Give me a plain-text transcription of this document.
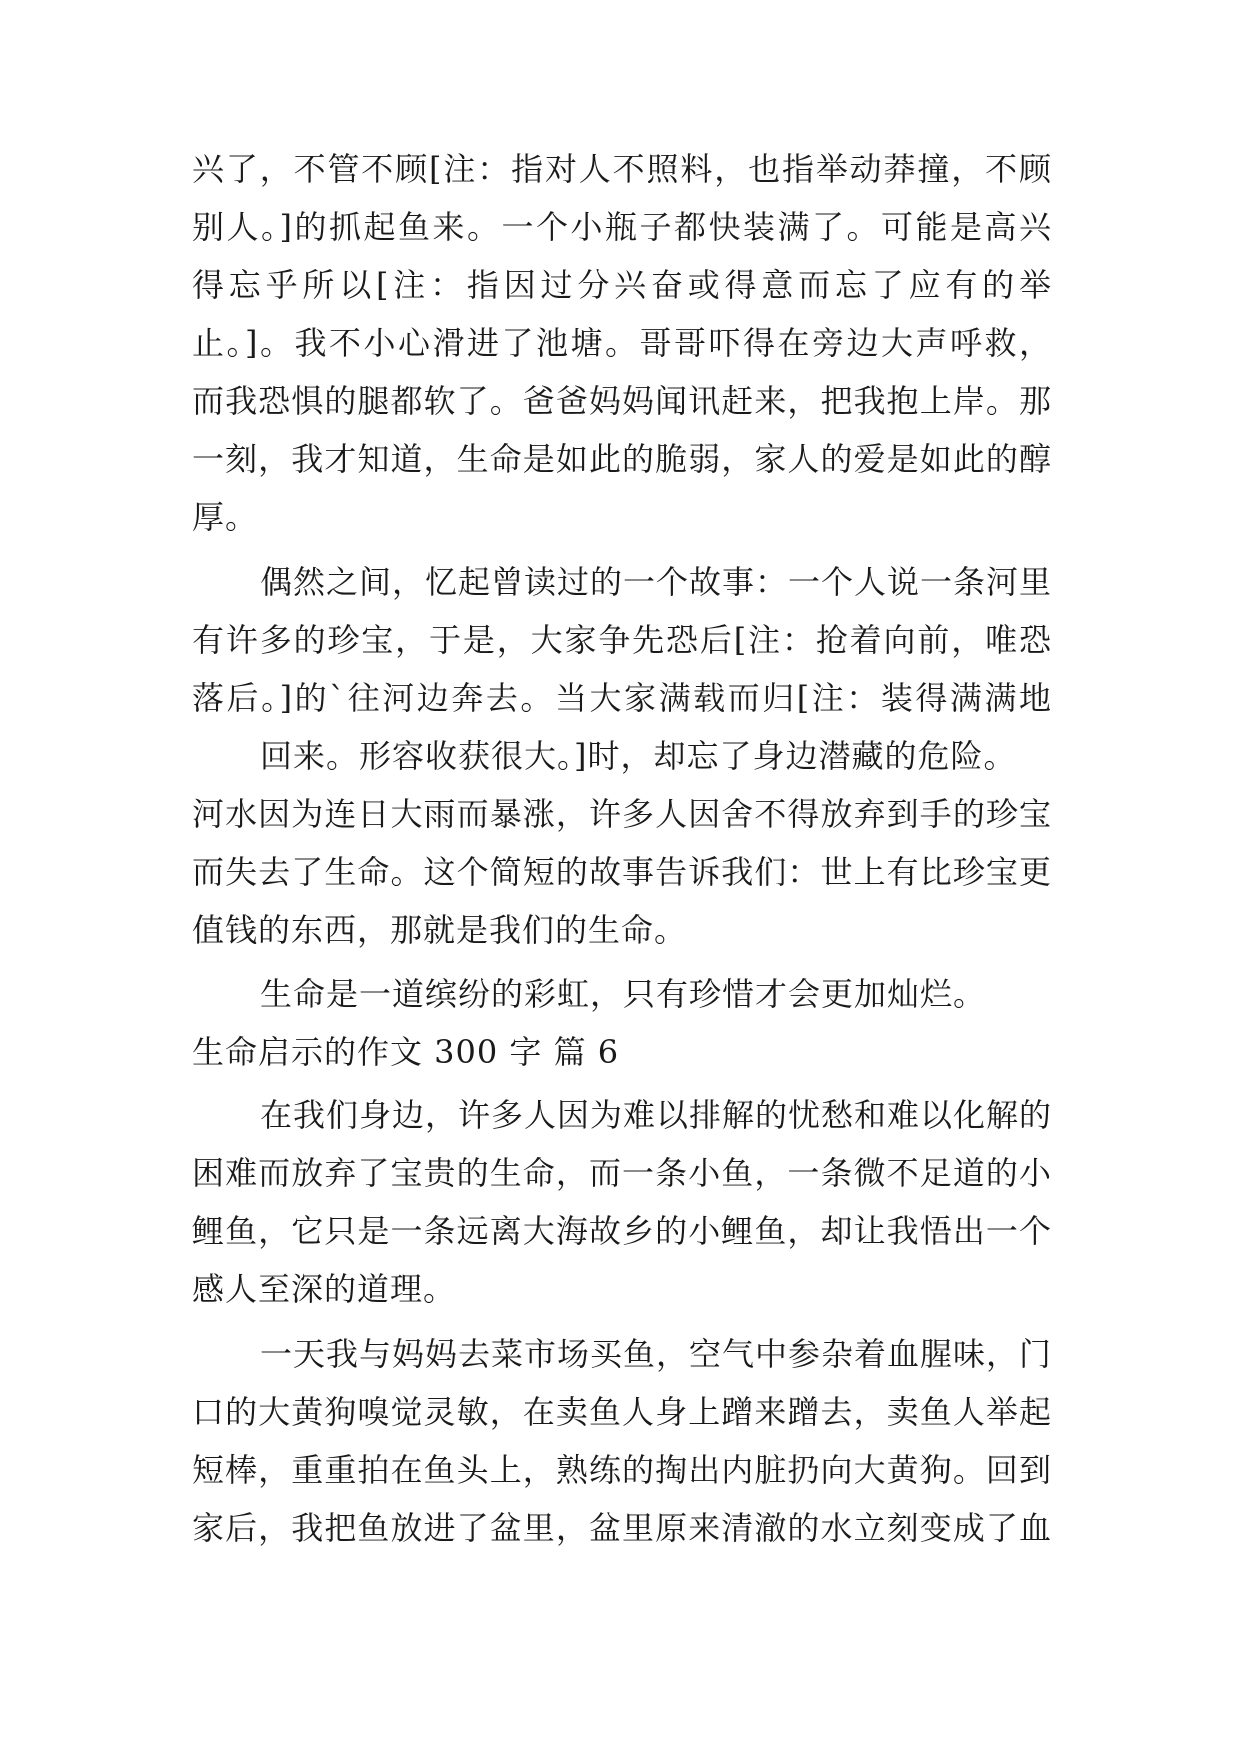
兴了，不管不顾[注：指对人不照料，也指举动莽撞，不顾
别人。]的抓起鱼来。一个小瓶子都快装满了。可能是高兴
得忘乎所以[注：指因过分兴奋或得意而忘了应有的举
止。]。我不小心滑进了池塘。哥哥吓得在旁边大声呼救，
而我恐惧的腿都软了。爸爸妈妈闻讯赶来，把我抱上岸。那
一刻，我才知道，生命是如此的脆弱，家人的爱是如此的醇
厚。
偶然之间，忆起曾读过的一个故事：一个人说一条河里
有许多的珍宝，于是，大家争先恐后[注：抢着向前，唯恐
落后。]的`往河边奔去。当大家满载而归[注：装得满满地
回来。形容收获很大。]时，却忘了身边潜藏的危险。
河水因为连日大雨而暴涨，许多人因舍不得放弃到手的珍宝
而失去了生命。这个简短的故事告诉我们：世上有比珍宝更
值钱的东西，那就是我们的生命。
生命是一道缤纷的彩虹，只有珍惜才会更加灿烂。
生命启示的作文 300 字 篇 6
在我们身边，许多人因为难以排解的忧愁和难以化解的
困难而放弃了宝贵的生命，而一条小鱼，一条微不足道的小
鲤鱼，它只是一条远离大海故乡的小鲤鱼，却让我悟出一个
感人至深的道理。
一天我与妈妈去菜市场买鱼，空气中参杂着血腥味，门
口的大黄狗嗅觉灵敏，在卖鱼人身上蹭来蹭去，卖鱼人举起
短棒，重重拍在鱼头上，熟练的掏出内脏扔向大黄狗。回到
家后，我把鱼放进了盆里，盆里原来清澈的水立刻变成了血
